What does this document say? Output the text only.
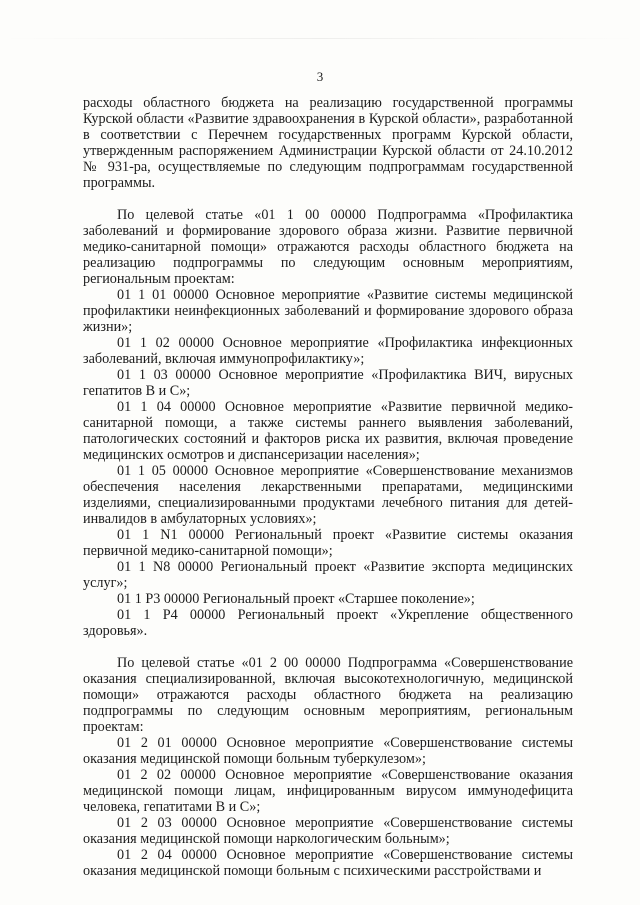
3

расходы областного бюджета на реализацию государственной программы Курской области «Развитие здравоохранения в Курской области», разработанной в соответствии с Перечнем государственных программ Курской области, утвержденным распоряжением Администрации Курской области от 24.10.2012 № 931-ра, осуществляемые по следующим подпрограммам государственной программы.

По целевой статье «01 1 00 00000 Подпрограмма «Профилактика заболеваний и формирование здорового образа жизни. Развитие первичной медико-санитарной помощи» отражаются расходы областного бюджета на реализацию подпрограммы по следующим основным мероприятиям, региональным проектам:

01 1 01 00000 Основное мероприятие «Развитие системы медицинской профилактики неинфекционных заболеваний и формирование здорового образа жизни»;

01 1 02 00000 Основное мероприятие «Профилактика инфекционных заболеваний, включая иммунопрофилактику»;

01 1 03 00000 Основное мероприятие «Профилактика ВИЧ, вирусных гепатитов В и С»;

01 1 04 00000 Основное мероприятие «Развитие первичной медико-санитарной помощи, а также системы раннего выявления заболеваний, патологических состояний и факторов риска их развития, включая проведение медицинских осмотров и диспансеризации населения»;

01 1 05 00000 Основное мероприятие «Совершенствование механизмов обеспечения населения лекарственными препаратами, медицинскими изделиями, специализированными продуктами лечебного питания для детей-инвалидов в амбулаторных условиях»;

01 1 N1 00000 Региональный проект «Развитие системы оказания первичной медико-санитарной помощи»;

01 1 N8 00000 Региональный проект «Развитие экспорта медицинских услуг»;

01 1 P3 00000 Региональный проект «Старшее поколение»;

01 1 P4 00000 Региональный проект «Укрепление общественного здоровья».

По целевой статье «01 2 00 00000 Подпрограмма «Совершенствование оказания специализированной, включая высокотехнологичную, медицинской помощи» отражаются расходы областного бюджета на реализацию подпрограммы по следующим основным мероприятиям, региональным проектам:

01 2 01 00000 Основное мероприятие «Совершенствование системы оказания медицинской помощи больным туберкулезом»;

01 2 02 00000 Основное мероприятие «Совершенствование оказания медицинской помощи лицам, инфицированным вирусом иммунодефицита человека, гепатитами В и С»;

01 2 03 00000 Основное мероприятие «Совершенствование системы оказания медицинской помощи наркологическим больным»;

01 2 04 00000 Основное мероприятие «Совершенствование системы оказания медицинской помощи больным с психическими расстройствами и
